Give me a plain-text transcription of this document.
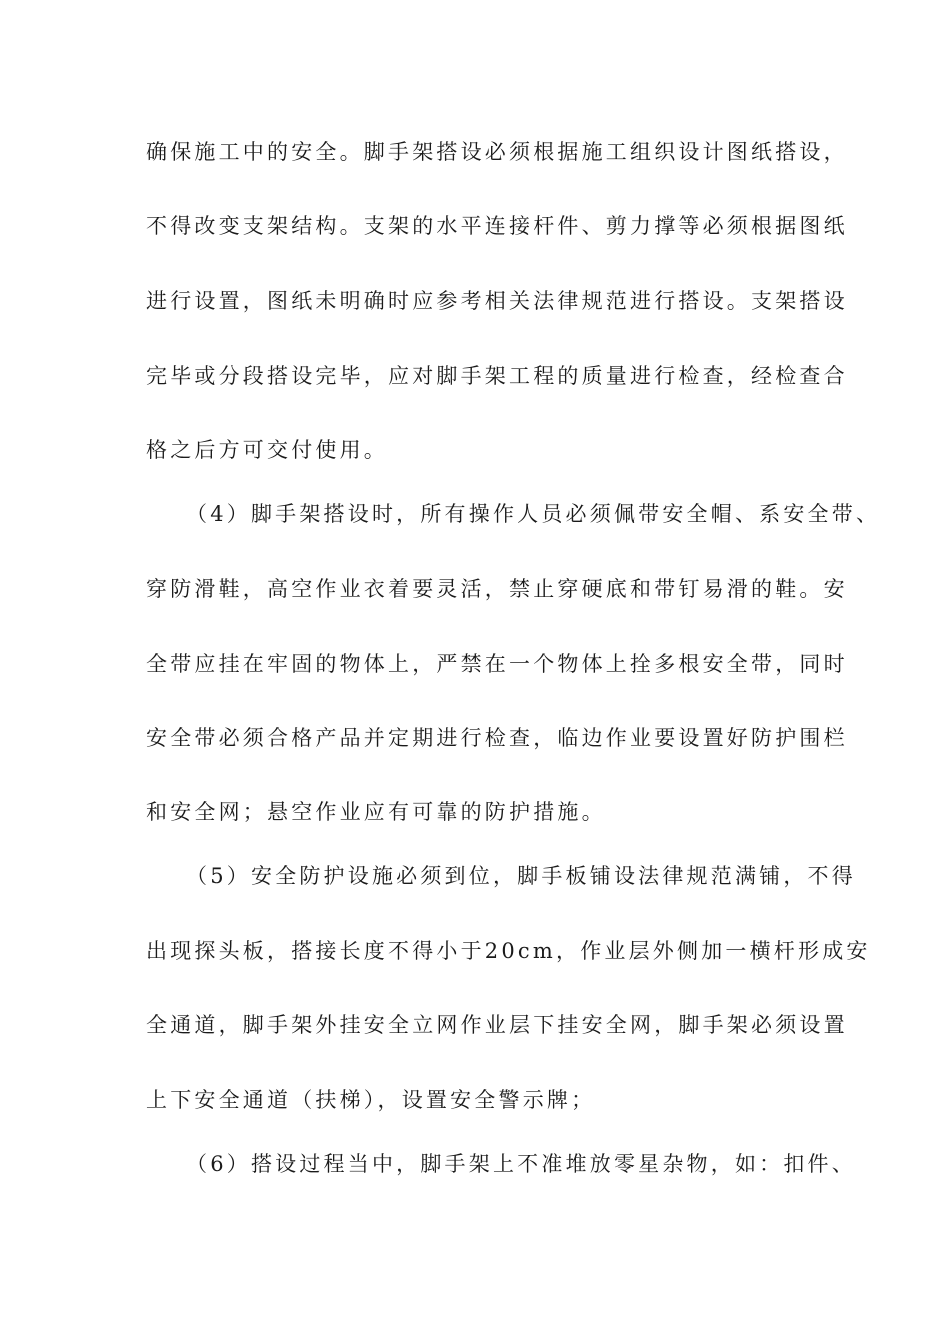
确保施工中的安全。脚手架搭设必须根据施工组织设计图纸搭设，
不得改变支架结构。支架的水平连接杆件、剪力撑等必须根据图纸
进行设置，图纸未明确时应参考相关法律规范进行搭设。支架搭设
完毕或分段搭设完毕，应对脚手架工程的质量进行检查，经检查合
格之后方可交付使用。
（4）脚手架搭设时，所有操作人员必须佩带安全帽、系安全带、
穿防滑鞋，高空作业衣着要灵活，禁止穿硬底和带钉易滑的鞋。安
全带应挂在牢固的物体上，严禁在一个物体上拴多根安全带，同时
安全带必须合格产品并定期进行检查，临边作业要设置好防护围栏
和安全网；悬空作业应有可靠的防护措施。
（5）安全防护设施必须到位，脚手板铺设法律规范满铺，不得
出现探头板，搭接长度不得小于20cm，作业层外侧加一横杆形成安
全通道，脚手架外挂安全立网作业层下挂安全网，脚手架必须设置
上下安全通道（扶梯），设置安全警示牌；
（6）搭设过程当中，脚手架上不准堆放零星杂物，如：扣件、
